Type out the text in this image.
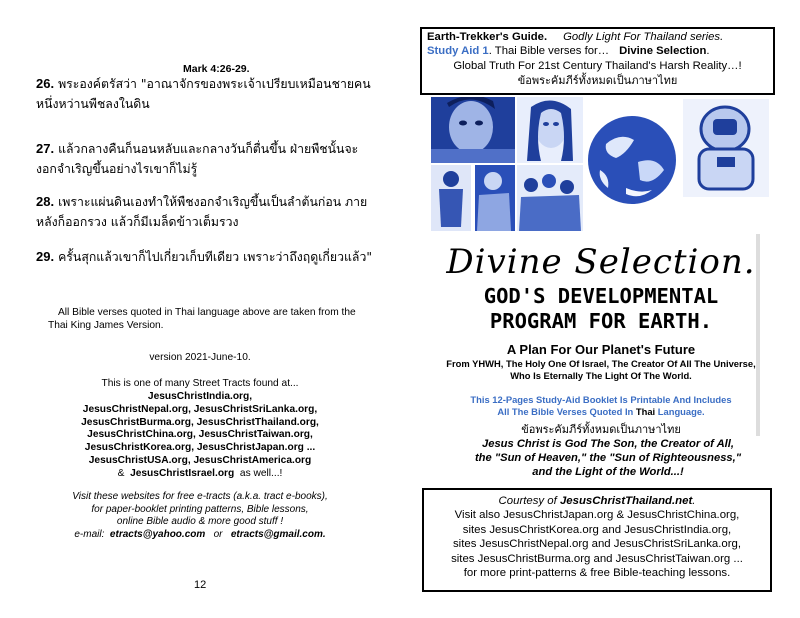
Mark 4:26-29.
26. พระองค์ตรัสว่า "อาณาจักรของพระเจ้าเปรียบเหมือนชายคนหนึ่งหว่านพืชลงในดิน
27. แล้วกลางคืนก็นอนหลับและกลางวันก็ตื่นขึ้น ฝ่ายพืชนั้นจะงอกจำเริญขึ้นอย่างไรเขาก็ไม่รู้
28. เพราะแผ่นดินเองทำให้พืชงอกจำเริญขึ้นเป็นลำต้นก่อน ภายหลังก็ออกรวง แล้วก็มีเมล็ดข้าวเต็มรวง
29. ครั้นสุกแล้วเขาก็ไปเกี่ยวเก็บทีเดียว เพราะว่าถึงฤดูเกี่ยวแล้ว"
All Bible verses quoted in Thai language above are taken from the Thai King James Version.
version 2021-June-10.
This is one of many Street Tracts found at...
JesusChristIndia.org,
JesusChristNepal.org, JesusChristSriLanka.org,
JesusChristBurma.org, JesusChristThailand.org,
JesusChristChina.org, JesusChristTaiwan.org,
JesusChristKorea.org, JesusChristJapan.org ...
JesusChristUSA.org, JesusChristAmerica.org
& JesusChristIsrael.org as well...!
Visit these websites for free e-tracts (a.k.a. tract e-books),
for paper-booklet printing patterns, Bible lessons,
online Bible audio & more good stuff !
e-mail: etracts@yahoo.com or etracts@gmail.com.
12
Earth-Trekker's Guide. Godly Light For Thailand series.
Study Aid 1. Thai Bible verses for… Divine Selection.
Global Truth For 21st Century Thailand's Harsh Reality…!
ข้อพระคัมภีร์ทั้งหมดเป็นภาษาไทย
Divine Selection.
GOD'S DEVELOPMENTAL
PROGRAM FOR EARTH.
A Plan For Our Planet's Future
From YHWH, The Holy One Of Israel, The Creator Of All The Universe, Who Is Eternally The Light Of The World.
This 12-Pages Study-Aid Booklet Is Printable And Includes
All The Bible Verses Quoted In Thai Language.
ข้อพระคัมภีร์ทั้งหมดเป็นภาษาไทย
Jesus Christ is God The Son, the Creator of All,
the "Sun of Heaven," the "Sun of Righteousness,"
and the Light of the World...!
Courtesy of JesusChristThailand.net.
Visit also JesusChristJapan.org & JesusChristChina.org,
sites JesusChristKorea.org and JesusChristIndia.org,
sites JesusChristNepal.org and JesusChristSriLanka.org,
sites JesusChristBurma.org and JesusChristTaiwan.org ...
for more print-patterns & free Bible-teaching lessons.
